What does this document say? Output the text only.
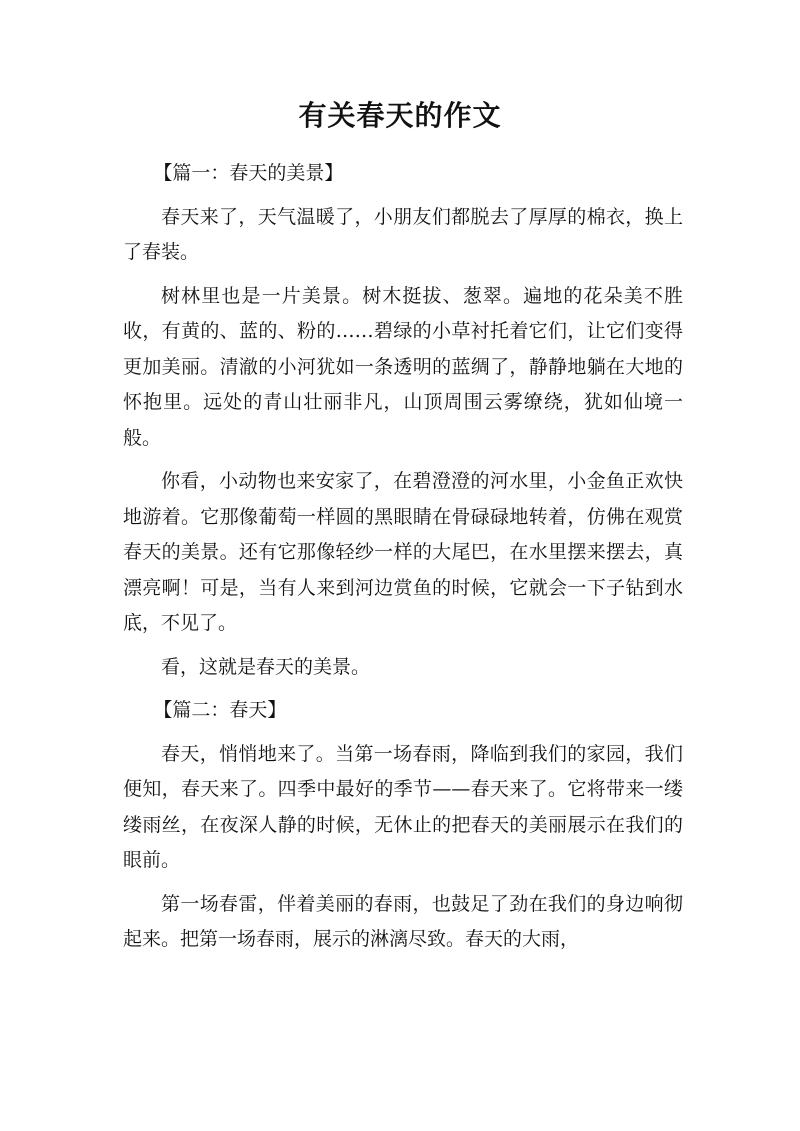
有关春天的作文

【篇一：春天的美景】

春天来了，天气温暖了，小朋友们都脱去了厚厚的棉衣，换上了春装。

树林里也是一片美景。树木挺拔、葱翠。遍地的花朵美不胜收，有黄的、蓝的、粉的……碧绿的小草衬托着它们，让它们变得更加美丽。清澈的小河犹如一条透明的蓝绸了，静静地躺在大地的怀抱里。远处的青山壮丽非凡，山顶周围云雾缭绕，犹如仙境一般。

你看，小动物也来安家了，在碧澄澄的河水里，小金鱼正欢快地游着。它那像葡萄一样圆的黑眼睛在骨碌碌地转着，仿佛在观赏春天的美景。还有它那像轻纱一样的大尾巴，在水里摆来摆去，真漂亮啊！可是，当有人来到河边赏鱼的时候，它就会一下子钻到水底，不见了。

看，这就是春天的美景。

【篇二：春天】

春天，悄悄地来了。当第一场春雨，降临到我们的家园，我们便知，春天来了。四季中最好的季节——春天来了。它将带来一缕缕雨丝，在夜深人静的时候，无休止的把春天的美丽展示在我们的眼前。

第一场春雷，伴着美丽的春雨，也鼓足了劲在我们的身边响彻起来。把第一场春雨，展示的淋漓尽致。春天的大雨，
